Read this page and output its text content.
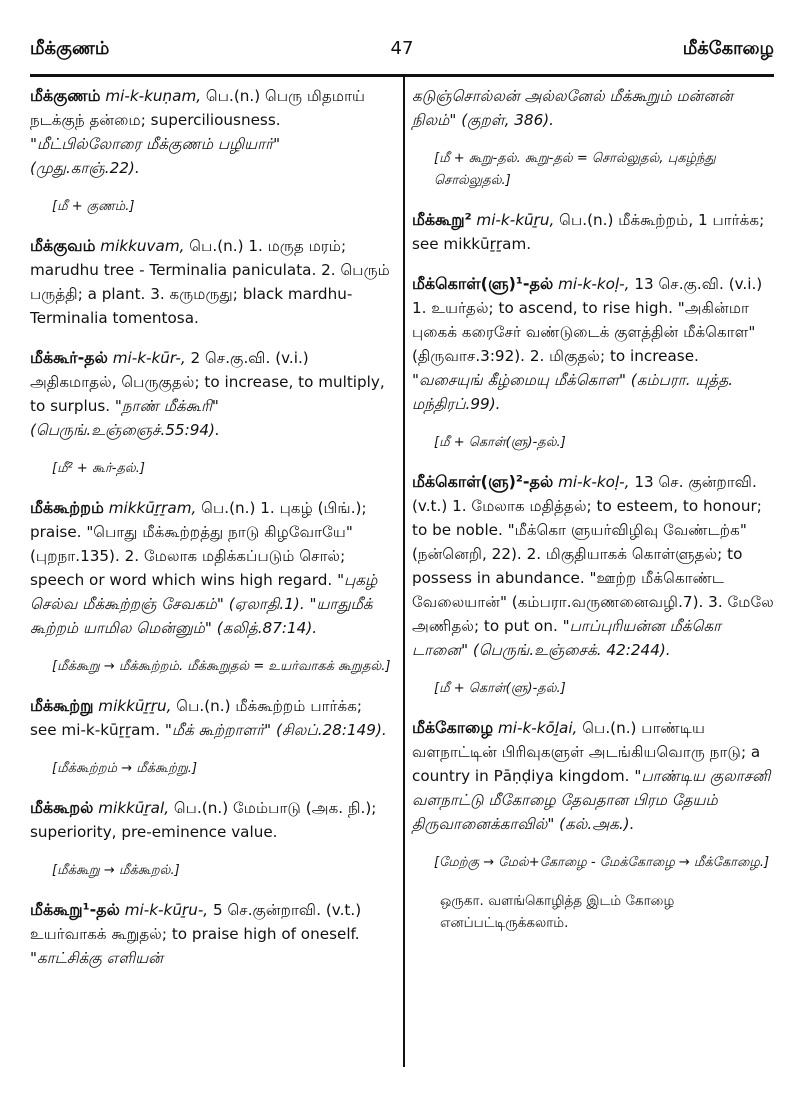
மீக்குணம்	47	மீக்கோழை

மீக்குணம் mi-k-kuṇam, பெ.(n.) பெரு மிதமாய் நடக்குந் தன்மை; superciliousness. "மீட்பில்லோரை மீக்குணம் பழியார்" (முது.காஞ்.22).

[மீ + குணம்.]

மீக்குவம் mikkuvam, பெ.(n.) 1. மருத மரம்; marudhu tree - Terminalia paniculata. 2. பெரும் பருத்தி; a plant. 3. கருமருது; black mardhu-Terminalia tomentosa.

மீக்கூர்-தல் mi-k-kūr-, 2 செ.கு.வி. (v.i.) அதிகமாதல், பெருகுதல்; to increase, to multiply, to surplus. "நாண் மீக்கூரி" (பெருங்.உஞ்ஞைச்.55:94).

[மீ² + கூர்-தல்.]

மீக்கூற்றம் mikkūṟṟam, பெ.(n.) 1. புகழ் (பிங்.); praise. "பொது மீக்கூற்றத்து நாடு கிழவோயே" (புறநா.135). 2. மேலாக மதிக்கப்படும் சொல்; speech or word which wins high regard. "புகழ் செல்வ மீக்கூற்றஞ் சேவகம்" (ஏலாதி.1). "யாதுமீக் கூற்றம் யாமில மென்னும்" (கலித்.87:14).

[மீக்கூறு → மீக்கூற்றம். மீக்கூறுதல் = உயர்வாகக் கூறுதல்.]

மீக்கூற்று mikkūṟṟu, பெ.(n.) மீக்கூற்றம் பார்க்க; see mi-k-kūṟṟam. "மீக் கூற்றாளர்" (சிலப்.28:149).

[மீக்கூற்றம் → மீக்கூற்று.]

மீக்கூறல் mikkūṟal, பெ.(n.) மேம்பாடு (அக. நி.); superiority, pre-eminence value.

[மீக்கூறு → மீக்கூறல்.]

மீக்கூறு¹-தல் mi-k-kūṟu-, 5 செ.குன்றாவி. (v.t.) உயர்வாகக் கூறுதல்; to praise high of oneself. "காட்சிக்கு எளியன்

கடுஞ்சொல்லன் அல்லனேல் மீக்கூறும் மன்னன் நிலம்" (குறள், 386).

[மீ + கூறு-தல். கூறு-தல் = சொல்லுதல், புகழ்ந்து சொல்லுதல்.]

மீக்கூறு² mi-k-kūṟu, பெ.(n.) மீக்கூற்றம், 1 பார்க்க; see mikkūṟṟam.

மீக்கொள்(ளு)¹-தல் mi-k-koḷ-, 13 செ.கு.வி. (v.i.) 1. உயர்தல்; to ascend, to rise high. "அகின்மா புகைக் கரைசேர் வண்டுடைக் குளத்தின் மீக்கொள" (திருவாச.3:92). 2. மிகுதல்; to increase. "வசையுங் கீழ்மையு மீக்கொள" (கம்பரா. யுத்த. மந்திரப்.99).

[மீ + கொள்(ளு)-தல்.]

மீக்கொள்(ளு)²-தல் mi-k-koḷ-, 13 செ. குன்றாவி. (v.t.) 1. மேலாக மதித்தல்; to esteem, to honour; to be noble. "மீக்கொ ளுயர்விழிவு வேண்டற்க" (நன்னெறி, 22). 2. மிகுதியாகக் கொள்ளுதல்; to possess in abundance. "ஊற்ற மீக்கொண்ட வேலையான்" (கம்பரா.வருணனைவழி.7). 3. மேலே அணிதல்; to put on. "பாப்புரியன்ன மீக்கொ டானை" (பெருங்.உஞ்சைக். 42:244).

[மீ + கொள்(ளு)-தல்.]

மீக்கோழை mi-k-kōḻai, பெ.(n.) பாண்டிய வளநாட்டின் பிரிவுகளுள் அடங்கியவொரு நாடு; a country in Pāṇḍiya kingdom. "பாண்டிய குலாசனி வளநாட்டு மீகோழை தேவதான பிரம தேயம் திருவானைக்காவில்" (கல்.அக.).

[மேற்கு → மேல்+கோழை - மேக்கோழை → மீக்கோழை.]

ஒருகா. வளங்கொழித்த இடம் கோழை எனப்பட்டிருக்கலாம்.
